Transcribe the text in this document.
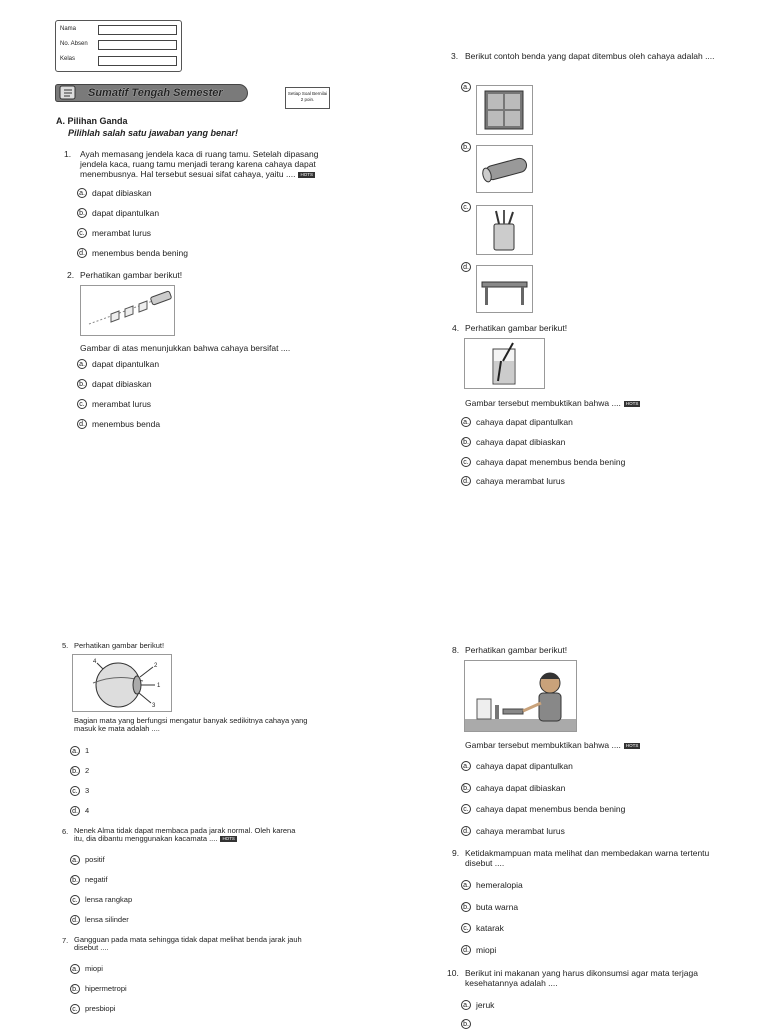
Nama
No. Absen
Kelas
Sumatif Tengah Semester	Setiap Soal Bernilai 2 poin.
A. Pilihan Ganda
Pilihlah salah satu jawaban yang benar!
1. Ayah memasang jendela kaca di ruang tamu. Setelah dipasang jendela kaca, ruang tamu menjadi terang karena cahaya dapat menembusnya. Hal tersebut sesuai sifat cahaya, yaitu .... HOTS
a. dapat dibiaskan
b. dapat dipantulkan
c. merambat lurus
d. menembus benda bening
2. Perhatikan gambar berikut!
Gambar di atas menunjukkan bahwa cahaya bersifat ....
a. dapat dipantulkan
b. dapat dibiaskan
c. merambat lurus
d. menembus benda
3. Berikut contoh benda yang dapat ditembus oleh cahaya adalah ....
a.
b.
c.
d.
4. Perhatikan gambar berikut!
Gambar tersebut membuktikan bahwa .... HOTS
a. cahaya dapat dipantulkan
b. cahaya dapat dibiaskan
c. cahaya dapat menembus benda bening
d. cahaya merambat lurus
5. Perhatikan gambar berikut!
2
1
3
4
Bagian mata yang berfungsi mengatur banyak sedikitnya cahaya yang masuk ke mata adalah ....
a. 1
b. 2
c. 3
d. 4
6. Nenek Alma tidak dapat membaca pada jarak normal. Oleh karena itu, dia dibantu menggunakan kacamata .... HOTS
a. positif
b. negatif
c. lensa rangkap
d. lensa silinder
7. Gangguan pada mata sehingga tidak dapat melihat benda jarak jauh disebut ....
a. miopi
b. hipermetropi
c. presbiopi
8. Perhatikan gambar berikut!
Gambar tersebut membuktikan bahwa .... HOTS
a. cahaya dapat dipantulkan
b. cahaya dapat dibiaskan
c. cahaya dapat menembus benda bening
d. cahaya merambat lurus
9. Ketidakmampuan mata melihat dan membedakan warna tertentu disebut ....
a. hemeralopia
b. buta warna
c. katarak
d. miopi
10. Berikut ini makanan yang harus dikonsumsi agar mata terjaga kesehatannya adalah ....
a. jeruk
b.
